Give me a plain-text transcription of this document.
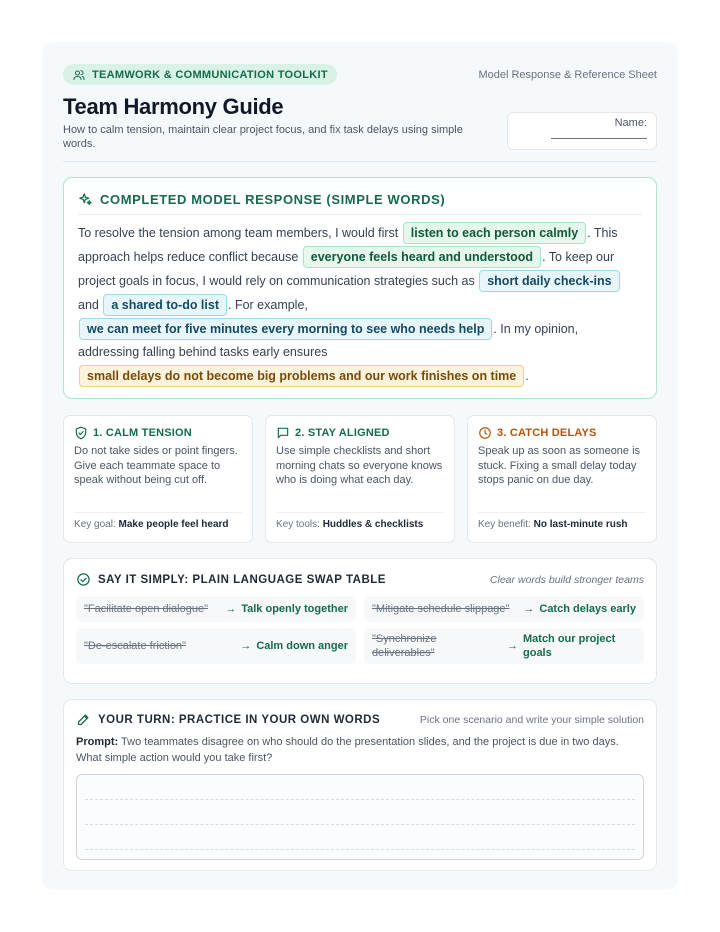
TEAMWORK & COMMUNICATION TOOLKIT	Model Response & Reference Sheet
Team Harmony Guide

How to calm tension, maintain clear project focus, and fix task delays using simple words.

Name:
COMPLETED MODEL RESPONSE (SIMPLE WORDS)

To resolve the tension among team members, I would first listen to each person calmly . This approach helps reduce conflict because everyone feels heard and understood . To keep our project goals in focus, I would rely on communication strategies such as short daily check-ins and a shared to-do list . For example, we can meet for five minutes every morning to see who needs help . In my opinion, addressing falling behind tasks early ensures small delays do not become big problems and our work finishes on time .

1. CALM TENSION

Do not take sides or point fingers. Give each teammate space to speak without being cut off.

Key goal: Make people feel heard
2. STAY ALIGNED

Use simple checklists and short morning chats so everyone knows who is doing what each day.

Key tools: Huddles & checklists
3. CATCH DELAYS

Speak up as soon as someone is stuck. Fixing a small delay today stops panic on due day.

Key benefit: No last-minute rush
SAY IT SIMPLY: PLAIN LANGUAGE SWAP TABLE	Clear words build stronger teams
"Facilitate open dialogue"	→ Talk openly together "Mitigate schedule slippage"	→ Catch delays early
"De-escalate friction"	→ Calm down anger
"Synchronize deliverables"
→
Match our project goals
YOUR TURN: PRACTICE IN YOUR OWN WORDS	Pick one scenario and write your simple solution

Prompt: Two teammates disagree on who should do the presentation slides, and the project is due in two days. What simple action would you take first?
